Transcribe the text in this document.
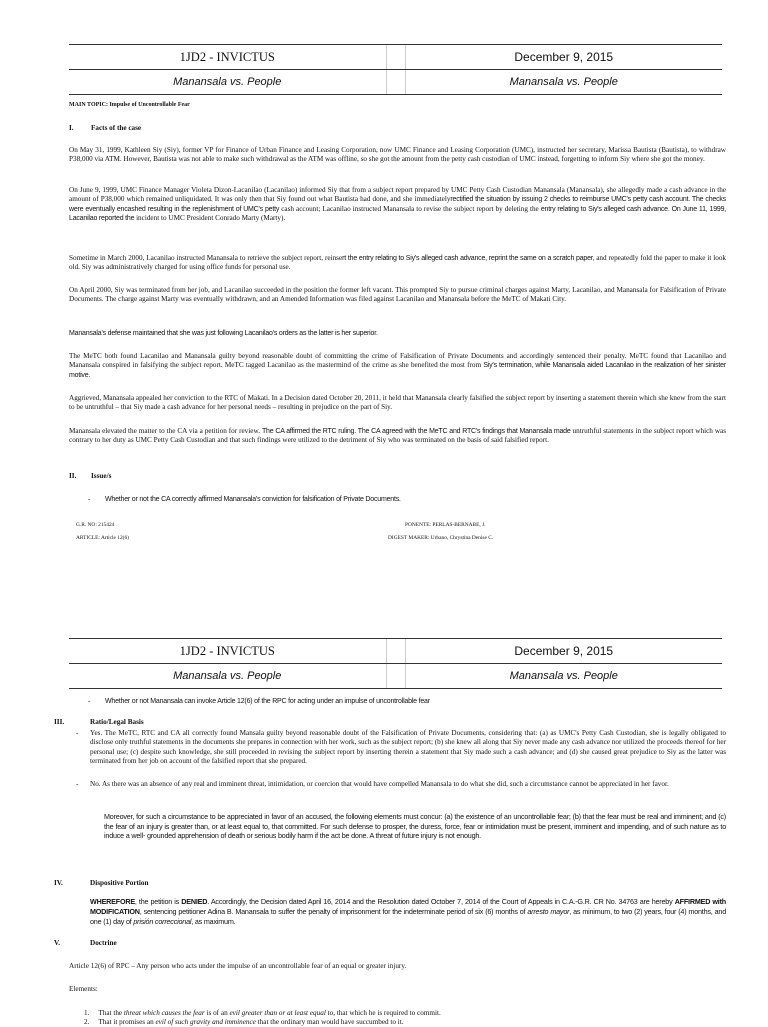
1JD2 - INVICTUS	December 9, 2015
Manansala vs. People	Manansala vs. People
MAIN TOPIC: Impulse of Uncontrollable Fear
I. Facts of the case
On May 31, 1999, Kathleen Siy (Siy), former VP for Finance of Urban Finance and Leasing Corporation, now UMC Finance and Leasing Corporation (UMC), instructed her secretary, Marissa Bautista (Bautista), to withdraw P38,000 via ATM. However, Bautista was not able to make such withdrawal as the ATM was offline, so she got the amount from the petty cash custodian of UMC instead, forgetting to inform Siy where she got the money.
On June 9, 1999, UMC Finance Manager Violeta Dizon-Lacanilao (Lacanilao) informed Siy that from a subject report prepared by UMC Petty Cash Custodian Manansala (Manansala), she allegedly made a cash advance in the amount of P38,000 which remained unliquidated. It was only then that Siy found out what Bautista had done, and she immediatelyrectified the situation by issuing 2 checks to reimburse UMC's petty cash account. The checks were eventually encashed resulting in the replenishment of UMC's petty cash account; Lacanilao instructed Manansala to revise the subject report by deleting the entry relating to Siy's alleged cash advance. On June 11, 1999, Lacanilao reported the incident to UMC President Conrado Marty (Marty).
Sometime in March 2000, Lacanilao instructed Manansala to retrieve the subject report, reinsert the entry relating to Siy's alleged cash advance, reprint the same on a scratch paper, and repeatedly fold the paper to make it look old. Siy was administratively charged for using office funds for personal use.
On April 2000, Siy was terminated from her job, and Lacanilao succeeded in the position the former left vacant. This prompted Siy to pursue criminal charges against Marty, Lacanilao, and Manansala for Falsification of Private Documents. The charge against Marty was eventually withdrawn, and an Amended Information was filed against Lacanilao and Manansala before the MeTC of Makati City.
Manansala's defense maintained that she was just following Lacanilao's orders as the latter is her superior.
The MeTC both found Lacanilao and Manansala guilty beyond reasonable doubt of committing the crime of Falsification of Private Documents and accordingly sentenced their penalty. MeTC found that Lacanilao and Manansala conspired in falsifying the subject report. MeTC tagged Lacanilao as the mastermind of the crime as she benefited the most from Siy's termination, while Manansala aided Lacanilao in the realization of her sinister motive.
Aggrieved, Manansala appealed her conviction to the RTC of Makati. In a Decision dated October 20, 2011, it held that Manansala clearly falsified the subject report by inserting a statement therein which she knew from the start to be untruthful – that Siy made a cash advance for her personal needs – resulting in prejudice on the part of Siy.
Manansala elevated the matter to the CA via a petition for review. The CA affirmed the RTC ruling. The CA agreed with the MeTC and RTC's findings that Manansala made untruthful statements in the subject report which was contrary to her duty as UMC Petty Cash Custodian and that such findings were utilized to the detriment of Siy who was terminated on the basis of said falsified report.
II. Issue/s
- Whether or not the CA correctly affirmed Manansala's conviction for falsification of Private Documents.
G.R. NO: 215424
ARTICLE: Article 12(6)
PONENTE: PERLAS-BERNABE, J.
DIGEST MAKER: Urbano, Chrystina Denise C.
1JD2 - INVICTUS	December 9, 2015
Manansala vs. People	Manansala vs. People
- Whether or not Manansala can invoke Article 12(6) of the RPC for acting under an impulse of uncontrollable fear
III.	Ratio/Legal Basis
- Yes. The MeTC, RTC and CA all correctly found Mansala guilty beyond reasonable doubt of the Falsification of Private Documents, considering that: (a) as UMC's Petty Cash Custodian, she is legally obligated to disclose only truthful statements in the documents she prepares in connection with her work, such as the subject report; (b) she knew all along that Siy never made any cash advance nor utilized the proceeds thereof for her personal use; (c) despite such knowledge, she still proceeded in revising the subject report by inserting therein a statement that Siy made such a cash advance; and (d) she caused great prejudice to Siy as the latter was terminated from her job on account of the falsified report that she prepared.
- No. As there was an absence of any real and imminent threat, intimidation, or coercion that would have compelled Manansala to do what she did, such a circumstance cannot be appreciated in her favor.
Moreover, for such a circumstance to be appreciated in favor of an accused, the following elements must concur: (a) the existence of an uncontrollable fear; (b) that the fear must be real and imminent; and (c) the fear of an injury is greater than, or at least equal to, that committed. For such defense to prosper, the duress, force, fear or intimidation must be present, imminent and impending, and of such nature as to induce a well- grounded apprehension of death or serious bodily harm if the act be done. A threat of future injury is not enough.
IV.	Dispositive Portion
WHEREFORE, the petition is DENIED. Accordingly, the Decision dated April 16, 2014 and the Resolution dated October 7, 2014 of the Court of Appeals in C.A.-G.R. CR No. 34763 are hereby AFFIRMED with MODIFICATION, sentencing petitioner Adina B. Manansala to suffer the penalty of imprisonment for the indeterminate period of six (6) months of arresto mayor, as minimum, to two (2) years, four (4) months, and one (1) day of prisión correccional, as maximum.
V.	Doctrine
Article 12(6) of RPC – Any person who acts under the impulse of an uncontrollable fear of an equal or greater injury.
Elements:
1. That the threat which causes the fear is of an evil greater than or at least equal to, that which he is required to commit.
2. That it promises an evil of such gravity and imminence that the ordinary man would have succumbed to it.
